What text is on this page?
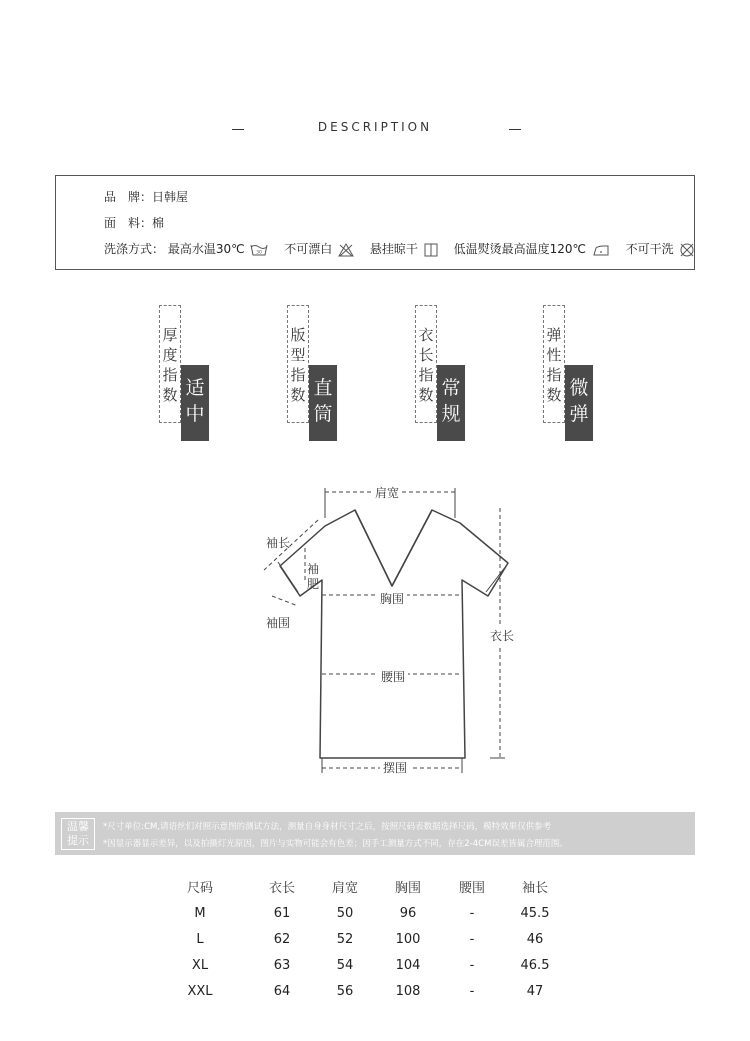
DESCRIPTION
品　牌：日韩屋
面　料：棉
洗涤方式： 最高水温30℃	30 不可漂白	悬挂晾干	低温熨烫最高温度120℃	不可干洗
厚度指数 适中
版型指数 直筒
衣长指数 常规
弹性指数 微弹
肩宽
袖长
袖肥
袖围
胸围
腰围
摆围
衣长
温馨
提示
*尺寸单位:CM,请语丝们对照示意图的测试方法，测量自身身材尺寸之后，按照尺码表数据选择尺码，模特效果仅供参考
*因显示器显示差异，以及拍摄灯光原因，图片与实物可能会有色差；因手工测量方式不同，存在2-4CM误差皆属合理范围。
尺码	衣长	肩宽	胸围	腰围	袖长
M	61	50	96	-	45.5
L	62	52	100	-	46
XL	63	54	104	-	46.5
XXL	64	56	108	-	47
